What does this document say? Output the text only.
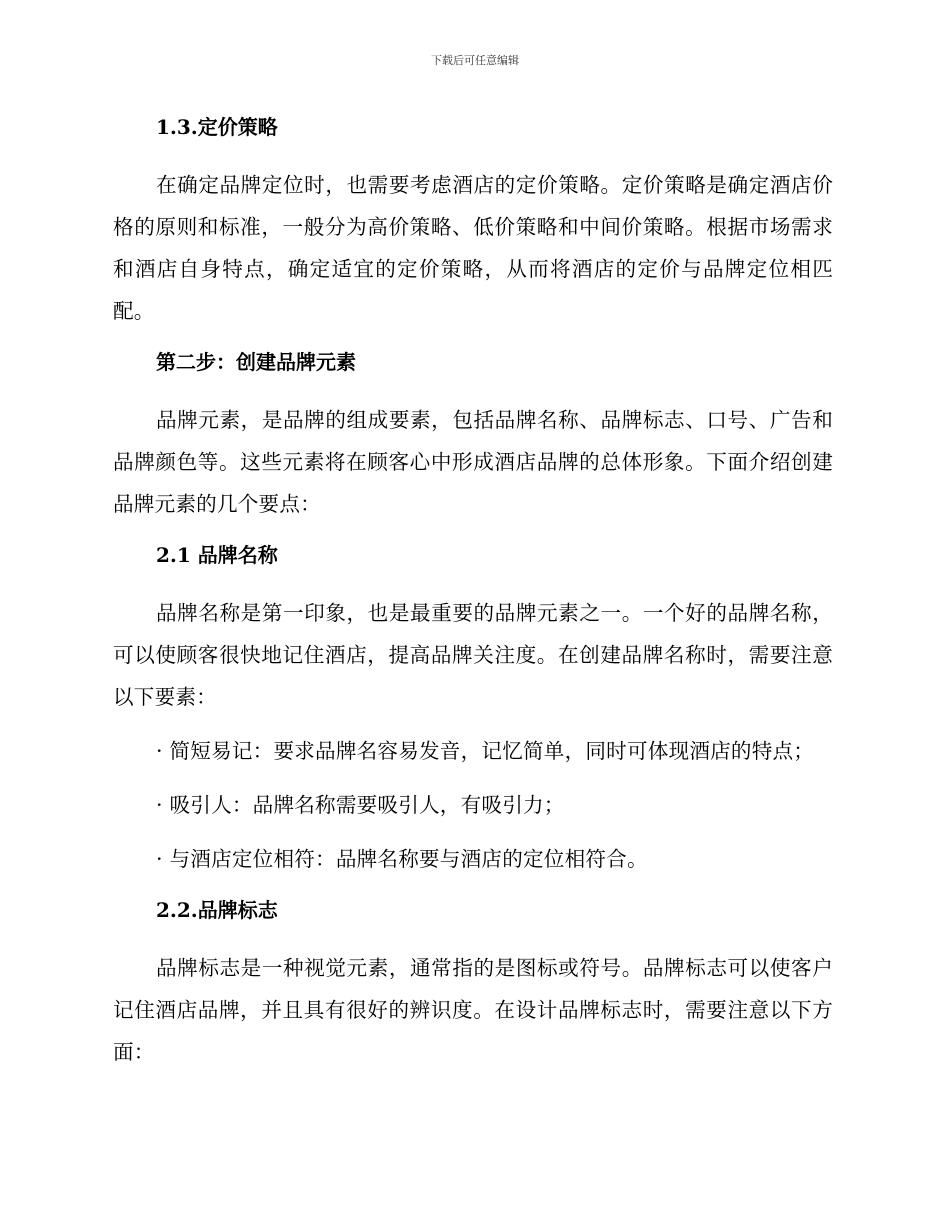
下载后可任意编辑

1.3.定价策略

在确定品牌定位时，也需要考虑酒店的定价策略。定价策略是确定酒店价格的原则和标准，一般分为高价策略、低价策略和中间价策略。根据市场需求和酒店自身特点，确定适宜的定价策略，从而将酒店的定价与品牌定位相匹配。

第二步：创建品牌元素

品牌元素，是品牌的组成要素，包括品牌名称、品牌标志、口号、广告和品牌颜色等。这些元素将在顾客心中形成酒店品牌的总体形象。下面介绍创建品牌元素的几个要点：

2.1 品牌名称

品牌名称是第一印象，也是最重要的品牌元素之一。一个好的品牌名称，可以使顾客很快地记住酒店，提高品牌关注度。在创建品牌名称时，需要注意以下要素：

· 简短易记：要求品牌名容易发音，记忆简单，同时可体现酒店的特点；

· 吸引人：品牌名称需要吸引人，有吸引力；

· 与酒店定位相符：品牌名称要与酒店的定位相符合。

2.2.品牌标志

品牌标志是一种视觉元素，通常指的是图标或符号。品牌标志可以使客户记住酒店品牌，并且具有很好的辨识度。在设计品牌标志时，需要注意以下方面：
